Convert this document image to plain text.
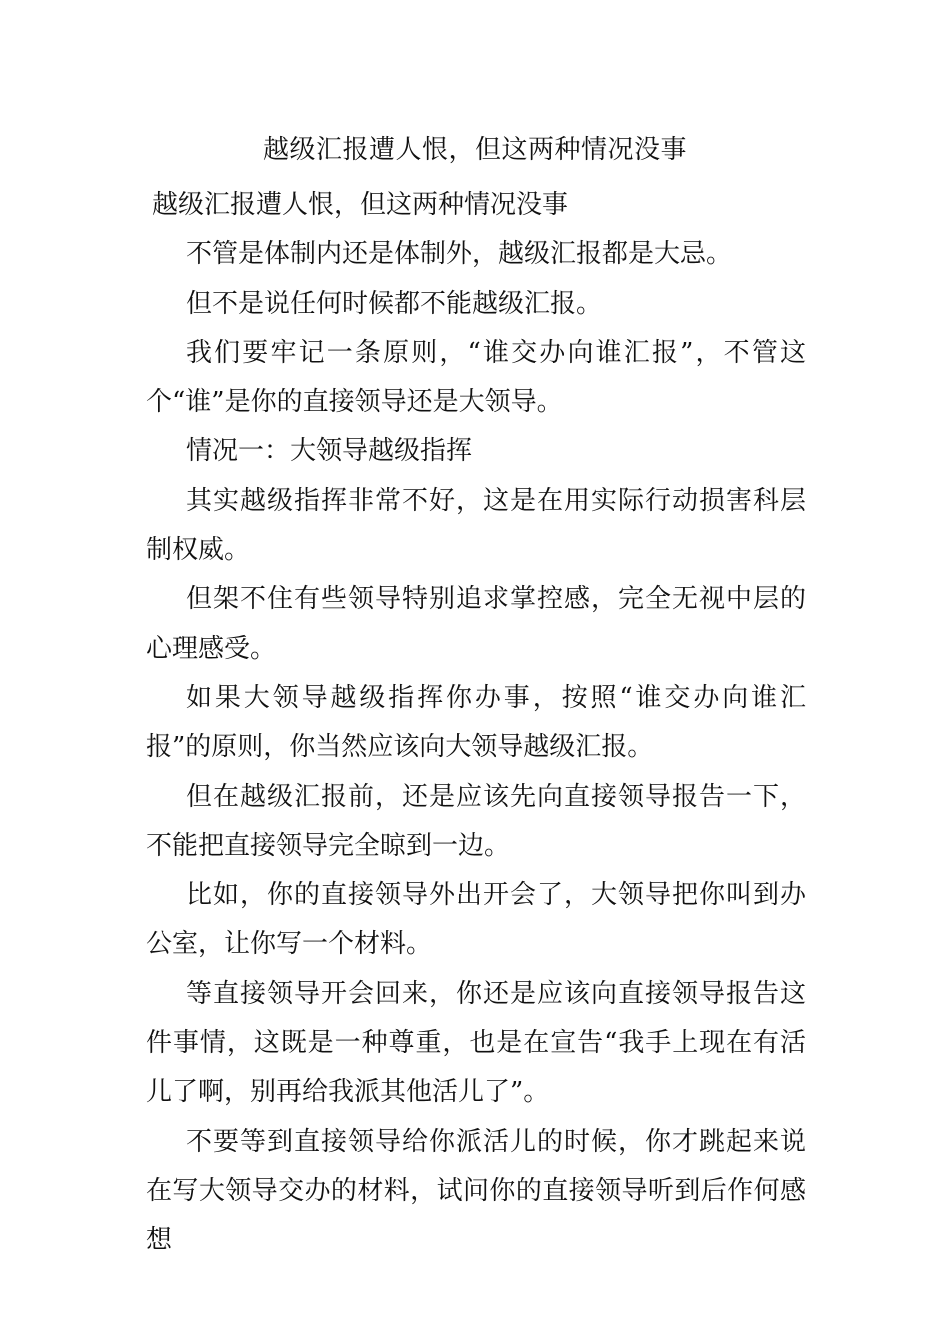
越级汇报遭人恨，但这两种情况没事

越级汇报遭人恨，但这两种情况没事

不管是体制内还是体制外，越级汇报都是大忌。

但不是说任何时候都不能越级汇报。

我们要牢记一条原则，“谁交办向谁汇报”，不管这个“谁”是你的直接领导还是大领导。

情况一：大领导越级指挥

其实越级指挥非常不好，这是在用实际行动损害科层制权威。

但架不住有些领导特别追求掌控感，完全无视中层的心理感受。

如果大领导越级指挥你办事，按照“谁交办向谁汇报”的原则，你当然应该向大领导越级汇报。

但在越级汇报前，还是应该先向直接领导报告一下，不能把直接领导完全晾到一边。

比如，你的直接领导外出开会了，大领导把你叫到办公室，让你写一个材料。

等直接领导开会回来，你还是应该向直接领导报告这件事情，这既是一种尊重，也是在宣告“我手上现在有活儿了啊，别再给我派其他活儿了”。

不要等到直接领导给你派活儿的时候，你才跳起来说在写大领导交办的材料，试问你的直接领导听到后作何感想
